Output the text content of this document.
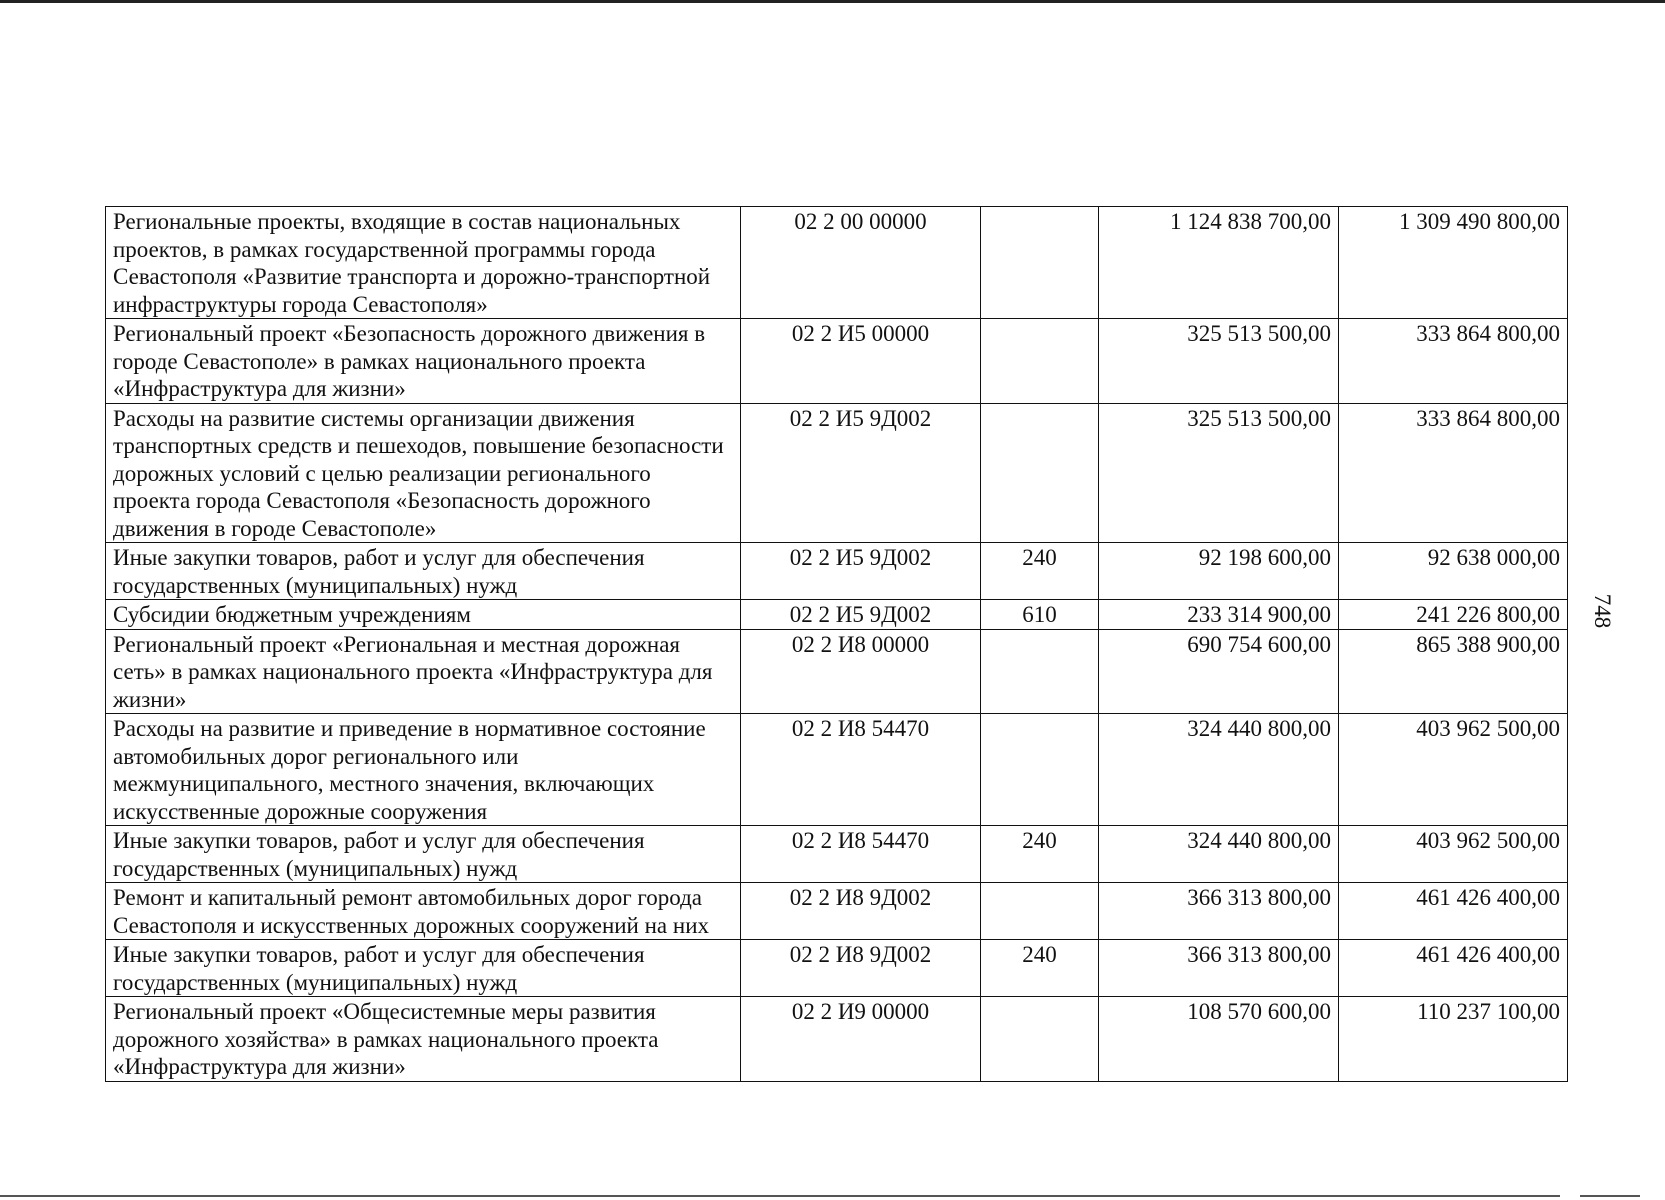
Региональные проекты, входящие в состав национальных проектов, в рамках государственной программы города Севастополя «Развитие транспорта и дорожно-транспортной инфраструктуры города Севастополя»	02 2 00 00000		1 124 838 700,00	1 309 490 800,00
Региональный проект «Безопасность дорожного движения в городе Севастополе» в рамках национального проекта «Инфраструктура для жизни»	02 2 И5 00000		325 513 500,00	333 864 800,00
Расходы на развитие системы организации движения транспортных средств и пешеходов, повышение безопасности дорожных условий с целью реализации регионального проекта города Севастополя «Безопасность дорожного движения в городе Севастополе»	02 2 И5 9Д002		325 513 500,00	333 864 800,00
Иные закупки товаров, работ и услуг для обеспечения государственных (муниципальных) нужд	02 2 И5 9Д002	240	92 198 600,00	92 638 000,00
Субсидии бюджетным учреждениям	02 2 И5 9Д002	610	233 314 900,00	241 226 800,00
Региональный проект «Региональная и местная дорожная сеть» в рамках национального проекта «Инфраструктура для жизни»	02 2 И8 00000		690 754 600,00	865 388 900,00
Расходы на развитие и приведение в нормативное состояние автомобильных дорог регионального или межмуниципального, местного значения, включающих искусственные дорожные сооружения	02 2 И8 54470		324 440 800,00	403 962 500,00
Иные закупки товаров, работ и услуг для обеспечения государственных (муниципальных) нужд	02 2 И8 54470	240	324 440 800,00	403 962 500,00
Ремонт и капитальный ремонт автомобильных дорог города Севастополя и искусственных дорожных сооружений на них	02 2 И8 9Д002		366 313 800,00	461 426 400,00
Иные закупки товаров, работ и услуг для обеспечения государственных (муниципальных) нужд	02 2 И8 9Д002	240	366 313 800,00	461 426 400,00
Региональный проект «Общесистемные меры развития дорожного хозяйства» в рамках национального проекта «Инфраструктура для жизни»	02 2 И9 00000		108 570 600,00	110 237 100,00
748
